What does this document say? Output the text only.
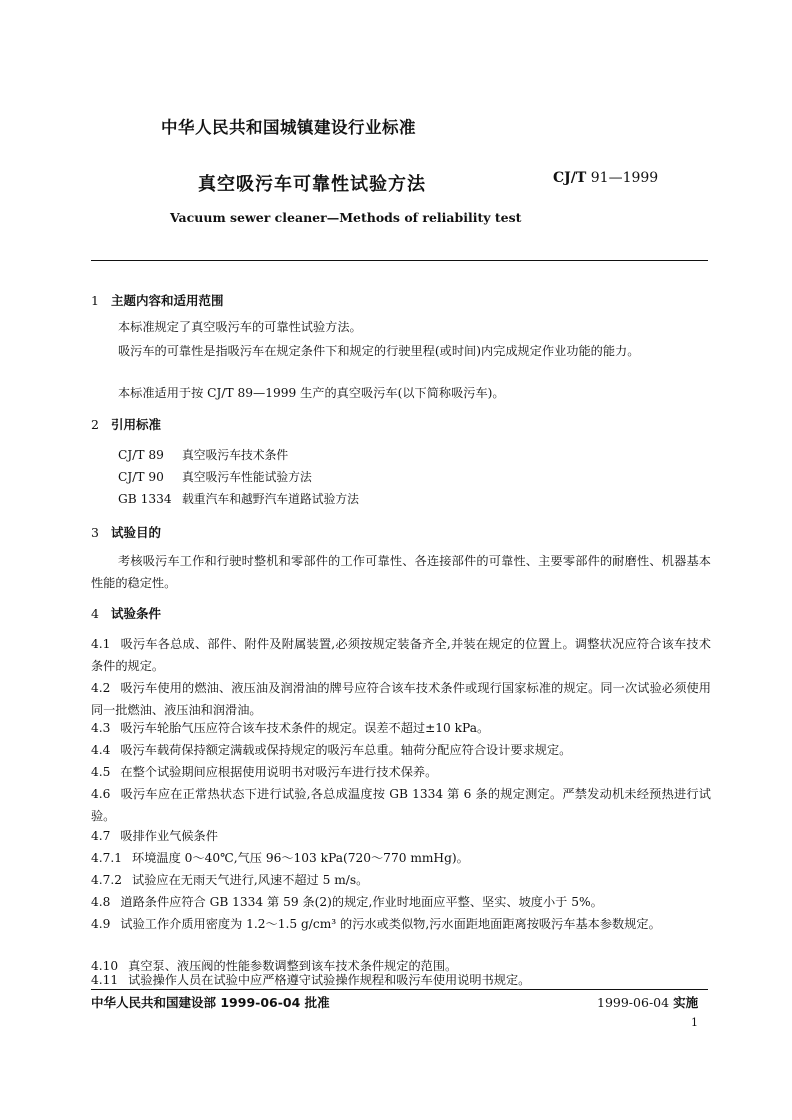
中华人民共和国城镇建设行业标准
真空吸污车可靠性试验方法	CJ/T 91—1999
Vacuum sewer cleaner—Methods of reliability test
1 主题内容和适用范围
本标准规定了真空吸污车的可靠性试验方法。
吸污车的可靠性是指吸污车在规定条件下和规定的行驶里程(或时间)内完成规定作业功能的能力。
本标准适用于按 CJ/T 89—1999 生产的真空吸污车(以下简称吸污车)。
2 引用标准
CJ/T 89 真空吸污车技术条件
CJ/T 90 真空吸污车性能试验方法
GB 1334 载重汽车和越野汽车道路试验方法
3 试验目的
考核吸污车工作和行驶时整机和零部件的工作可靠性、各连接部件的可靠性、主要零部件的耐磨性、机器基本性能的稳定性。
4 试验条件
4.1 吸污车各总成、部件、附件及附属装置,必须按规定装备齐全,并装在规定的位置上。调整状况应符合该车技术条件的规定。
4.2 吸污车使用的燃油、液压油及润滑油的牌号应符合该车技术条件或现行国家标准的规定。同一次试验必须使用同一批燃油、液压油和润滑油。
4.3 吸污车轮胎气压应符合该车技术条件的规定。误差不超过±10 kPa。
4.4 吸污车载荷保持额定满载或保持规定的吸污车总重。轴荷分配应符合设计要求规定。
4.5 在整个试验期间应根据使用说明书对吸污车进行技术保养。
4.6 吸污车应在正常热状态下进行试验,各总成温度按 GB 1334 第 6 条的规定测定。严禁发动机未经预热进行试验。
4.7 吸排作业气候条件
4.7.1 环境温度 0～40℃,气压 96～103 kPa(720～770 mmHg)。
4.7.2 试验应在无雨天气进行,风速不超过 5 m/s。
4.8 道路条件应符合 GB 1334 第 59 条(2)的规定,作业时地面应平整、坚实、坡度小于 5%。
4.9 试验工作介质用密度为 1.2～1.5 g/cm³ 的污水或类似物,污水面距地面距离按吸污车基本参数规定。
4.10 真空泵、液压阀的性能参数调整到该车技术条件规定的范围。
4.11 试验操作人员在试验中应严格遵守试验操作规程和吸污车使用说明书规定。
中华人民共和国建设部 1999-06-04 批准	1999-06-04 实施
1
